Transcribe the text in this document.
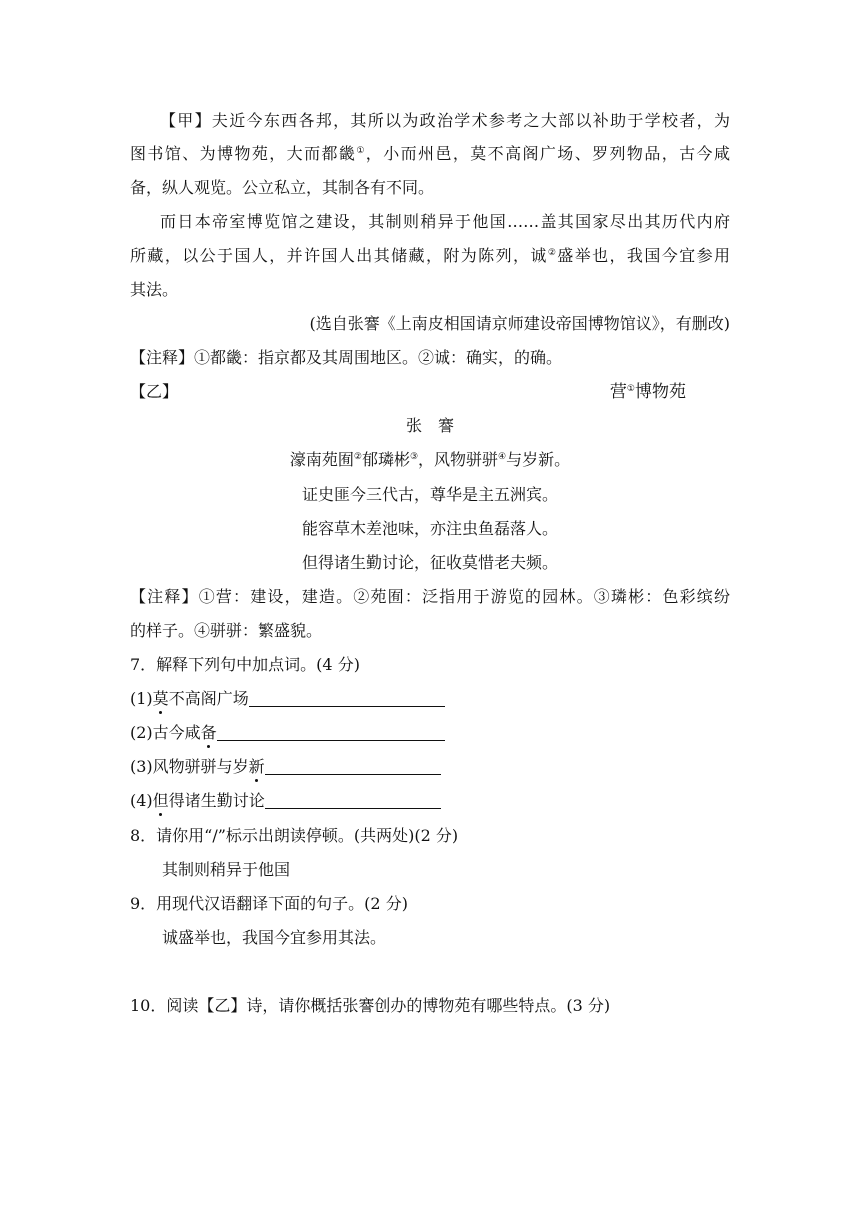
【甲】夫近今东西各邦，其所以为政治学术参考之大部以补助于学校者，为
图书馆、为博物苑，大而都畿①，小而州邑，莫不高阁广场、罗列物品，古今咸
备，纵人观览。公立私立，其制各有不同。
而日本帝室博览馆之建设，其制则稍异于他国……盖其国家尽出其历代内府
所藏，以公于国人，并许国人出其储藏，附为陈列，诚②盛举也，我国今宜参用
其法。
(选自张謇《上南皮相国请京师建设帝国博物馆议》，有删改)
【注释】①都畿：指京都及其周围地区。②诚：确实，的确。
【乙】	营①博物苑
张　謇
濠南苑囿②郁璘彬③，风物骈骈④与岁新。
证史匪今三代古，尊华是主五洲宾。
能容草木差池味，亦注虫鱼磊落人。
但得诸生勤讨论，征收莫惜老夫频。
【注释】①营：建设，建造。②苑囿：泛指用于游览的园林。③璘彬：色彩缤纷
的样子。④骈骈：繁盛貌。
7．解释下列句中加点词。(4 分)
(1)莫不高阁广场
(2)古今咸备
(3)风物骈骈与岁新
(4)但得诸生勤讨论
8．请你用“/”标示出朗读停顿。(共两处)(2 分)
其制则稍异于他国
9．用现代汉语翻译下面的句子。(2 分)
诚盛举也，我国今宜参用其法。
10．阅读【乙】诗，请你概括张謇创办的博物苑有哪些特点。(3 分)
